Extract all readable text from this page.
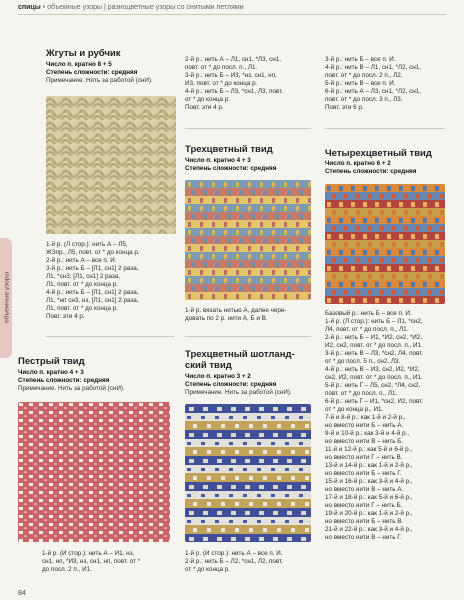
спицы • объемные узоры | разноцветные узоры со снятыми петлями
объемные узоры
Жгуты и рубчик
Число п. кратно 8 + 5
Степень сложности: средняя
Примечание. Нить за работой (снИ).
1-й р. (Л стор.): нить А – Л5,
ЖЗпр., Л5, повт. от * до конца р.
2-й р.: нить А – все п. И.
3-й р.: нить Б – [Л1, сн1] 2 раза,
Л1, *сн3, [Л1, сн1] 2 раза,
Л1, повт. от * до конца р.
4-й р.: нить Б – [Л1, сн1] 2 раза,
Л1, *нп сн3, нз, [Л1, сн1] 2 раза,
Л1, повт. от * до конца р.
Повт. эти 4 р.
Пестрый твид
Число п. кратно 4 + 3
Степень сложности: средняя
Примечание. Нить за работой (снИ).
1-й р. (И стор.): нить А – И1, нз,
сн1, нп, *И3, нз, сн1, нп, повт. от *
до посл. 2 п., И1.
84
2-й р.: нить А – Л1, сн1, *Л3, сн1,
повт. от * до посл. п., Л1.
3-й р.: нить Б – И3, *нз, сн1, нп,
И3, повт. от * до конца р.
4-й р.: нить Б – Л3, *сн1, Л3, повт.
от * до конца р.
Повт. эти 4 р.
Трехцветный твид
Число п. кратно 4 + 3
Степень сложности: средняя
1-й р. вязать нитью А, далее чере-
довать по 2 р. нити А, Б и В.
Трехцветный шотланд-
ский твид
Число п. кратно 3 + 2
Степень сложности: средняя
Примечание. Нить за работой (снИ).
1-й р. (И стор.): нить А – все п. И.
2-й р.: нить Б – Л2, *сн1, Л2, повт.
от * до конца р.
3-й р.: нить Б – все п. И.
4-й р.: нить В – Л1, сн1, *Л2, сн1,
повт. от * до посл. 2 п., Л2.
5-й р.: нить В – все п. И.
6-й р.: нить А – Л3, сн1, *Л2, сн1,
повт. от * до посл. 3 п., Л3.
Повт. эти 6 р.
Четырехцветный твид
Число п. кратно 6 + 2
Степень сложности: средняя
Базовый р.: нить Б – все п. И.
1-й р. (Л стор.): нить Б – Л1, *сн2,
Л4, повт. от * до посл. п., Л1.
2-й р.: нить Б – И1, *И2, сн2, *И2,
И2, сн2, повт. от * до посл. п., И1.
3-й р.: нить В – Л3, *сн2, Л4, повт.
от * до посл. 5 п., сн2, Л3.
4-й р.: нить В – И3, сн2, И2, *И2,
сн2, И2, повт. от * до посл. п., И1.
5-й р.: нить Г – Л5, сн2, *Л4, сн2,
повт. от * до посл. п., Л1.
6-й р.: нить Г – И1, *сн2, И2, повт.
от * до конца р., И1.
7-й и 8-й р.: как 1-й и 2-й р.,
но вместо нити Б – нить А.
9-й и 10-й р.: как 3-й и 4-й р.,
но вместо нити В – нить Б.
11-й и 12-й р.: как 5-й и 6-й р.,
но вместо нити Г – нить В.
13-й и 14-й р.: как 1-й и 2-й р.,
но вместо нити Б – нить Г.
15-й и 16-й р.: как 3-й и 4-й р.,
но вместо нити В – нить А.
17-й и 18-й р.: как 5-й и 6-й р.,
но вместо нити Г – нить Б.
19-й и 20-й р.: как 1-й и 2-й р.,
но вместо нити Б – нить В.
21-й и 22-й р.: как 3-й и 4-й р.,
но вместо нити В – нить Г.
